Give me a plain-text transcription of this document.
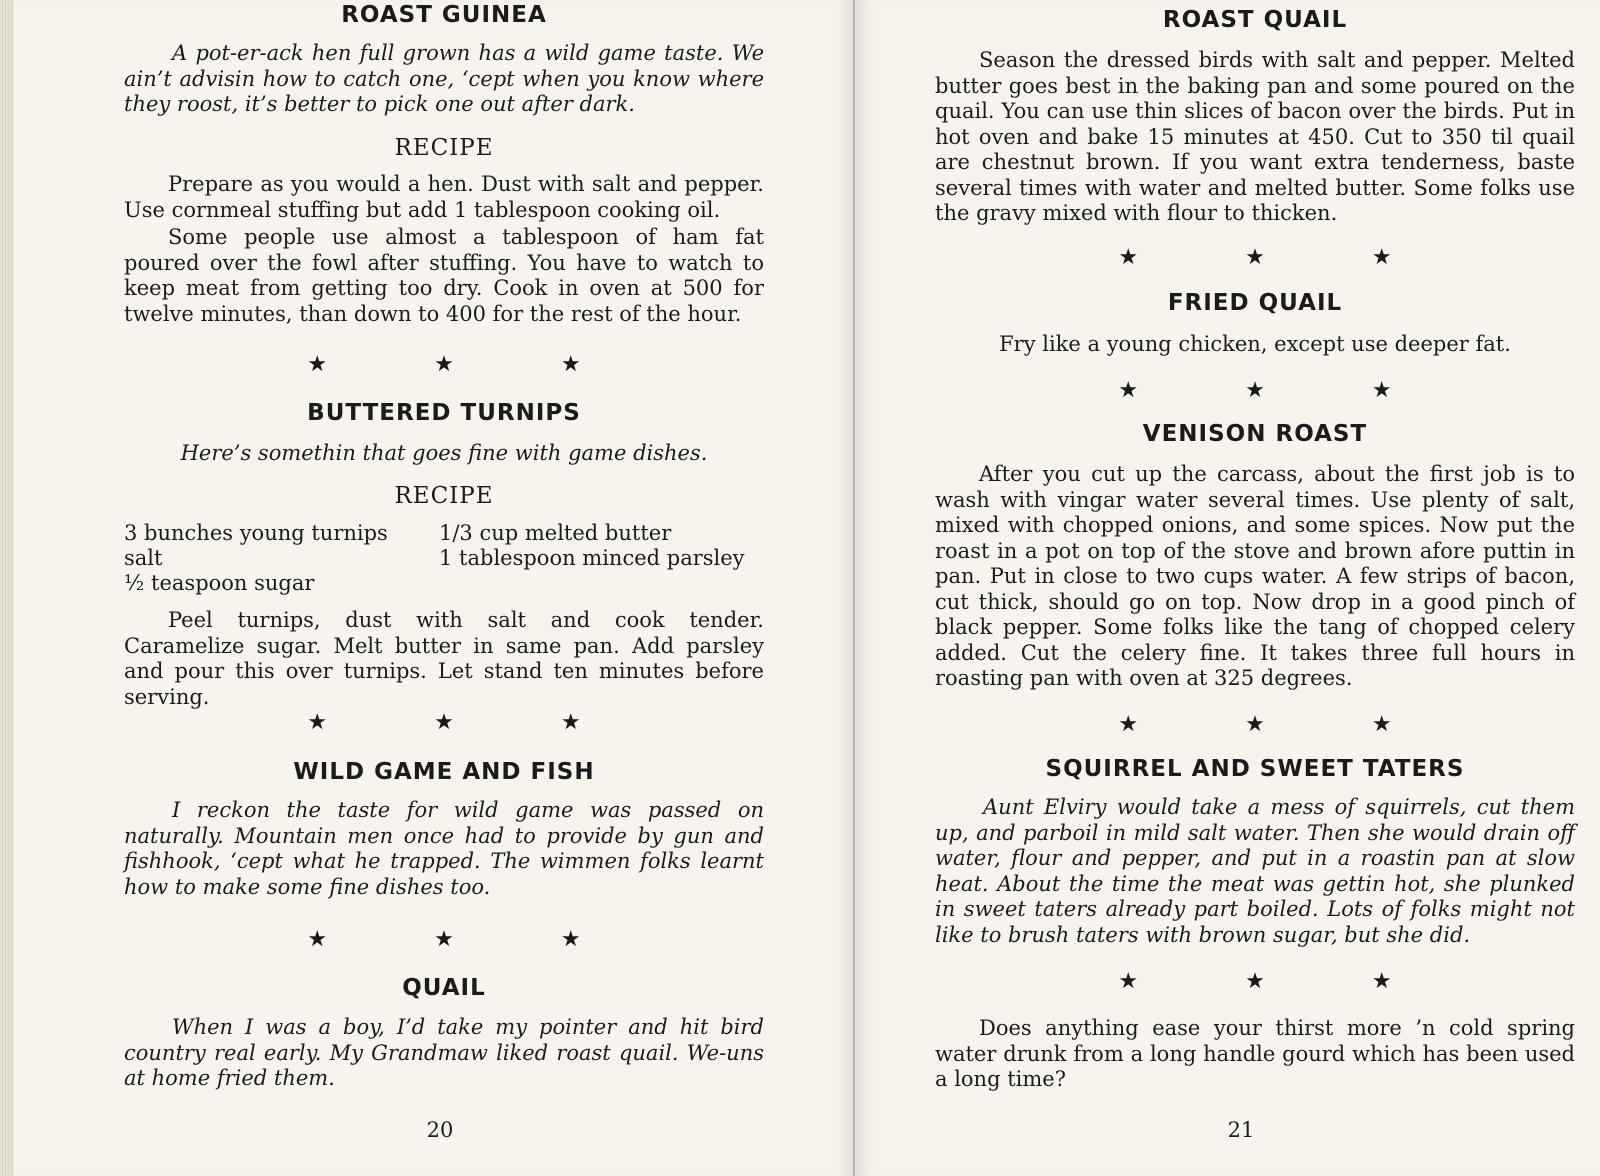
ROAST GUINEA

A pot-er-ack hen full grown has a wild game taste. We ain’t advisin how to catch one, ‘cept when you know where they roost, it’s better to pick one out after dark.

RECIPE

Prepare as you would a hen. Dust with salt and pepper. Use cornmeal stuffing but add 1 tablespoon cooking oil.

Some people use almost a tablespoon of ham fat poured over the fowl after stuffing. You have to watch to keep meat from getting too dry. Cook in oven at 500 for twelve minutes, than down to 400 for the rest of the hour.

★ ★ ★
BUTTERED TURNIPS

Here’s somethin that goes fine with game dishes.

RECIPE
3 bunches young turnips	1/3 cup melted butter
salt	1 tablespoon minced parsley
½ teaspoon sugar

Peel turnips, dust with salt and cook tender. Caramelize sugar. Melt butter in same pan. Add parsley and pour this over turnips. Let stand ten minutes before serving.

★ ★ ★
WILD GAME AND FISH

I reckon the taste for wild game was passed on naturally. Mountain men once had to provide by gun and fishhook, ‘cept what he trapped. The wimmen folks learnt how to make some fine dishes too.

★ ★ ★
QUAIL

When I was a boy, I’d take my pointer and hit bird country real early. My Grandmaw liked roast quail. We-uns at home fried them.

20
ROAST QUAIL

Season the dressed birds with salt and pepper. Melted butter goes best in the baking pan and some poured on the quail. You can use thin slices of bacon over the birds. Put in hot oven and bake 15 minutes at 450. Cut to 350 til quail are chestnut brown. If you want extra tenderness, baste several times with water and melted butter. Some folks use the gravy mixed with flour to thicken.

★ ★ ★
FRIED QUAIL

Fry like a young chicken, except use deeper fat.

★ ★ ★
VENISON ROAST

After you cut up the carcass, about the first job is to wash with vingar water several times. Use plenty of salt, mixed with chopped onions, and some spices. Now put the roast in a pot on top of the stove and brown afore puttin in pan. Put in close to two cups water. A few strips of bacon, cut thick, should go on top. Now drop in a good pinch of black pepper. Some folks like the tang of chopped celery added. Cut the celery fine. It takes three full hours in roasting pan with oven at 325 degrees.

★ ★ ★
SQUIRREL AND SWEET TATERS

Aunt Elviry would take a mess of squirrels, cut them up, and parboil in mild salt water. Then she would drain off water, flour and pepper, and put in a roastin pan at slow heat. About the time the meat was gettin hot, she plunked in sweet taters already part boiled. Lots of folks might not like to brush taters with brown sugar, but she did.

★ ★ ★

Does anything ease your thirst more ’n cold spring water drunk from a long handle gourd which has been used a long time?

21
